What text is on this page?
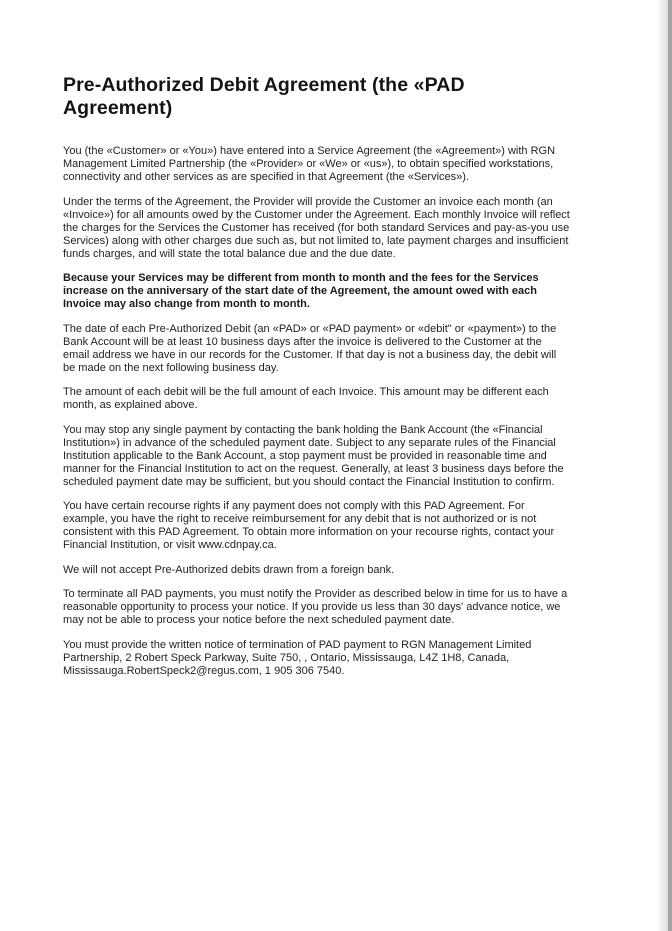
Pre-Authorized Debit Agreement (the «PAD Agreement)

You (the «Customer» or «You») have entered into a Service Agreement (the «Agreement») with RGN Management Limited Partnership (the «Provider» or «We» or «us»), to obtain specified workstations, connectivity and other services as are specified in that Agreement (the «Services»).

Under the terms of the Agreement, the Provider will provide the Customer an invoice each month (an «Invoice») for all amounts owed by the Customer under the Agreement. Each monthly Invoice will reflect the charges for the Services the Customer has received (for both standard Services and pay-as-you use Services) along with other charges due such as, but not limited to, late payment charges and insufficient funds charges, and will state the total balance due and the due date.

Because your Services may be different from month to month and the fees for the Services increase on the anniversary of the start date of the Agreement, the amount owed with each Invoice may also change from month to month.

The date of each Pre-Authorized Debit (an «PAD» or «PAD payment» or «debit" or «payment») to the Bank Account will be at least 10 business days after the invoice is delivered to the Customer at the email address we have in our records for the Customer. If that day is not a business day, the debit will be made on the next following business day.

The amount of each debit will be the full amount of each Invoice. This amount may be different each month, as explained above.

You may stop any single payment by contacting the bank holding the Bank Account (the «Financial Institution») in advance of the scheduled payment date. Subject to any separate rules of the Financial Institution applicable to the Bank Account, a stop payment must be provided in reasonable time and manner for the Financial Institution to act on the request. Generally, at least 3 business days before the scheduled payment date may be sufficient, but you should contact the Financial Institution to confirm.

You have certain recourse rights if any payment does not comply with this PAD Agreement. For example, you have the right to receive reimbursement for any debit that is not authorized or is not consistent with this PAD Agreement. To obtain more information on your recourse rights, contact your Financial Institution, or visit www.cdnpay.ca.

We will not accept Pre-Authorized debits drawn from a foreign bank.

To terminate all PAD payments, you must notify the Provider as described below in time for us to have a reasonable opportunity to process your notice. If you provide us less than 30 days' advance notice, we may not be able to process your notice before the next scheduled payment date.

You must provide the written notice of termination of PAD payment to RGN Management Limited Partnership, 2 Robert Speck Parkway, Suite 750, , Ontario, Mississauga, L4Z 1H8, Canada, Mississauga.RobertSpeck2@regus.com, 1 905 306 7540.
